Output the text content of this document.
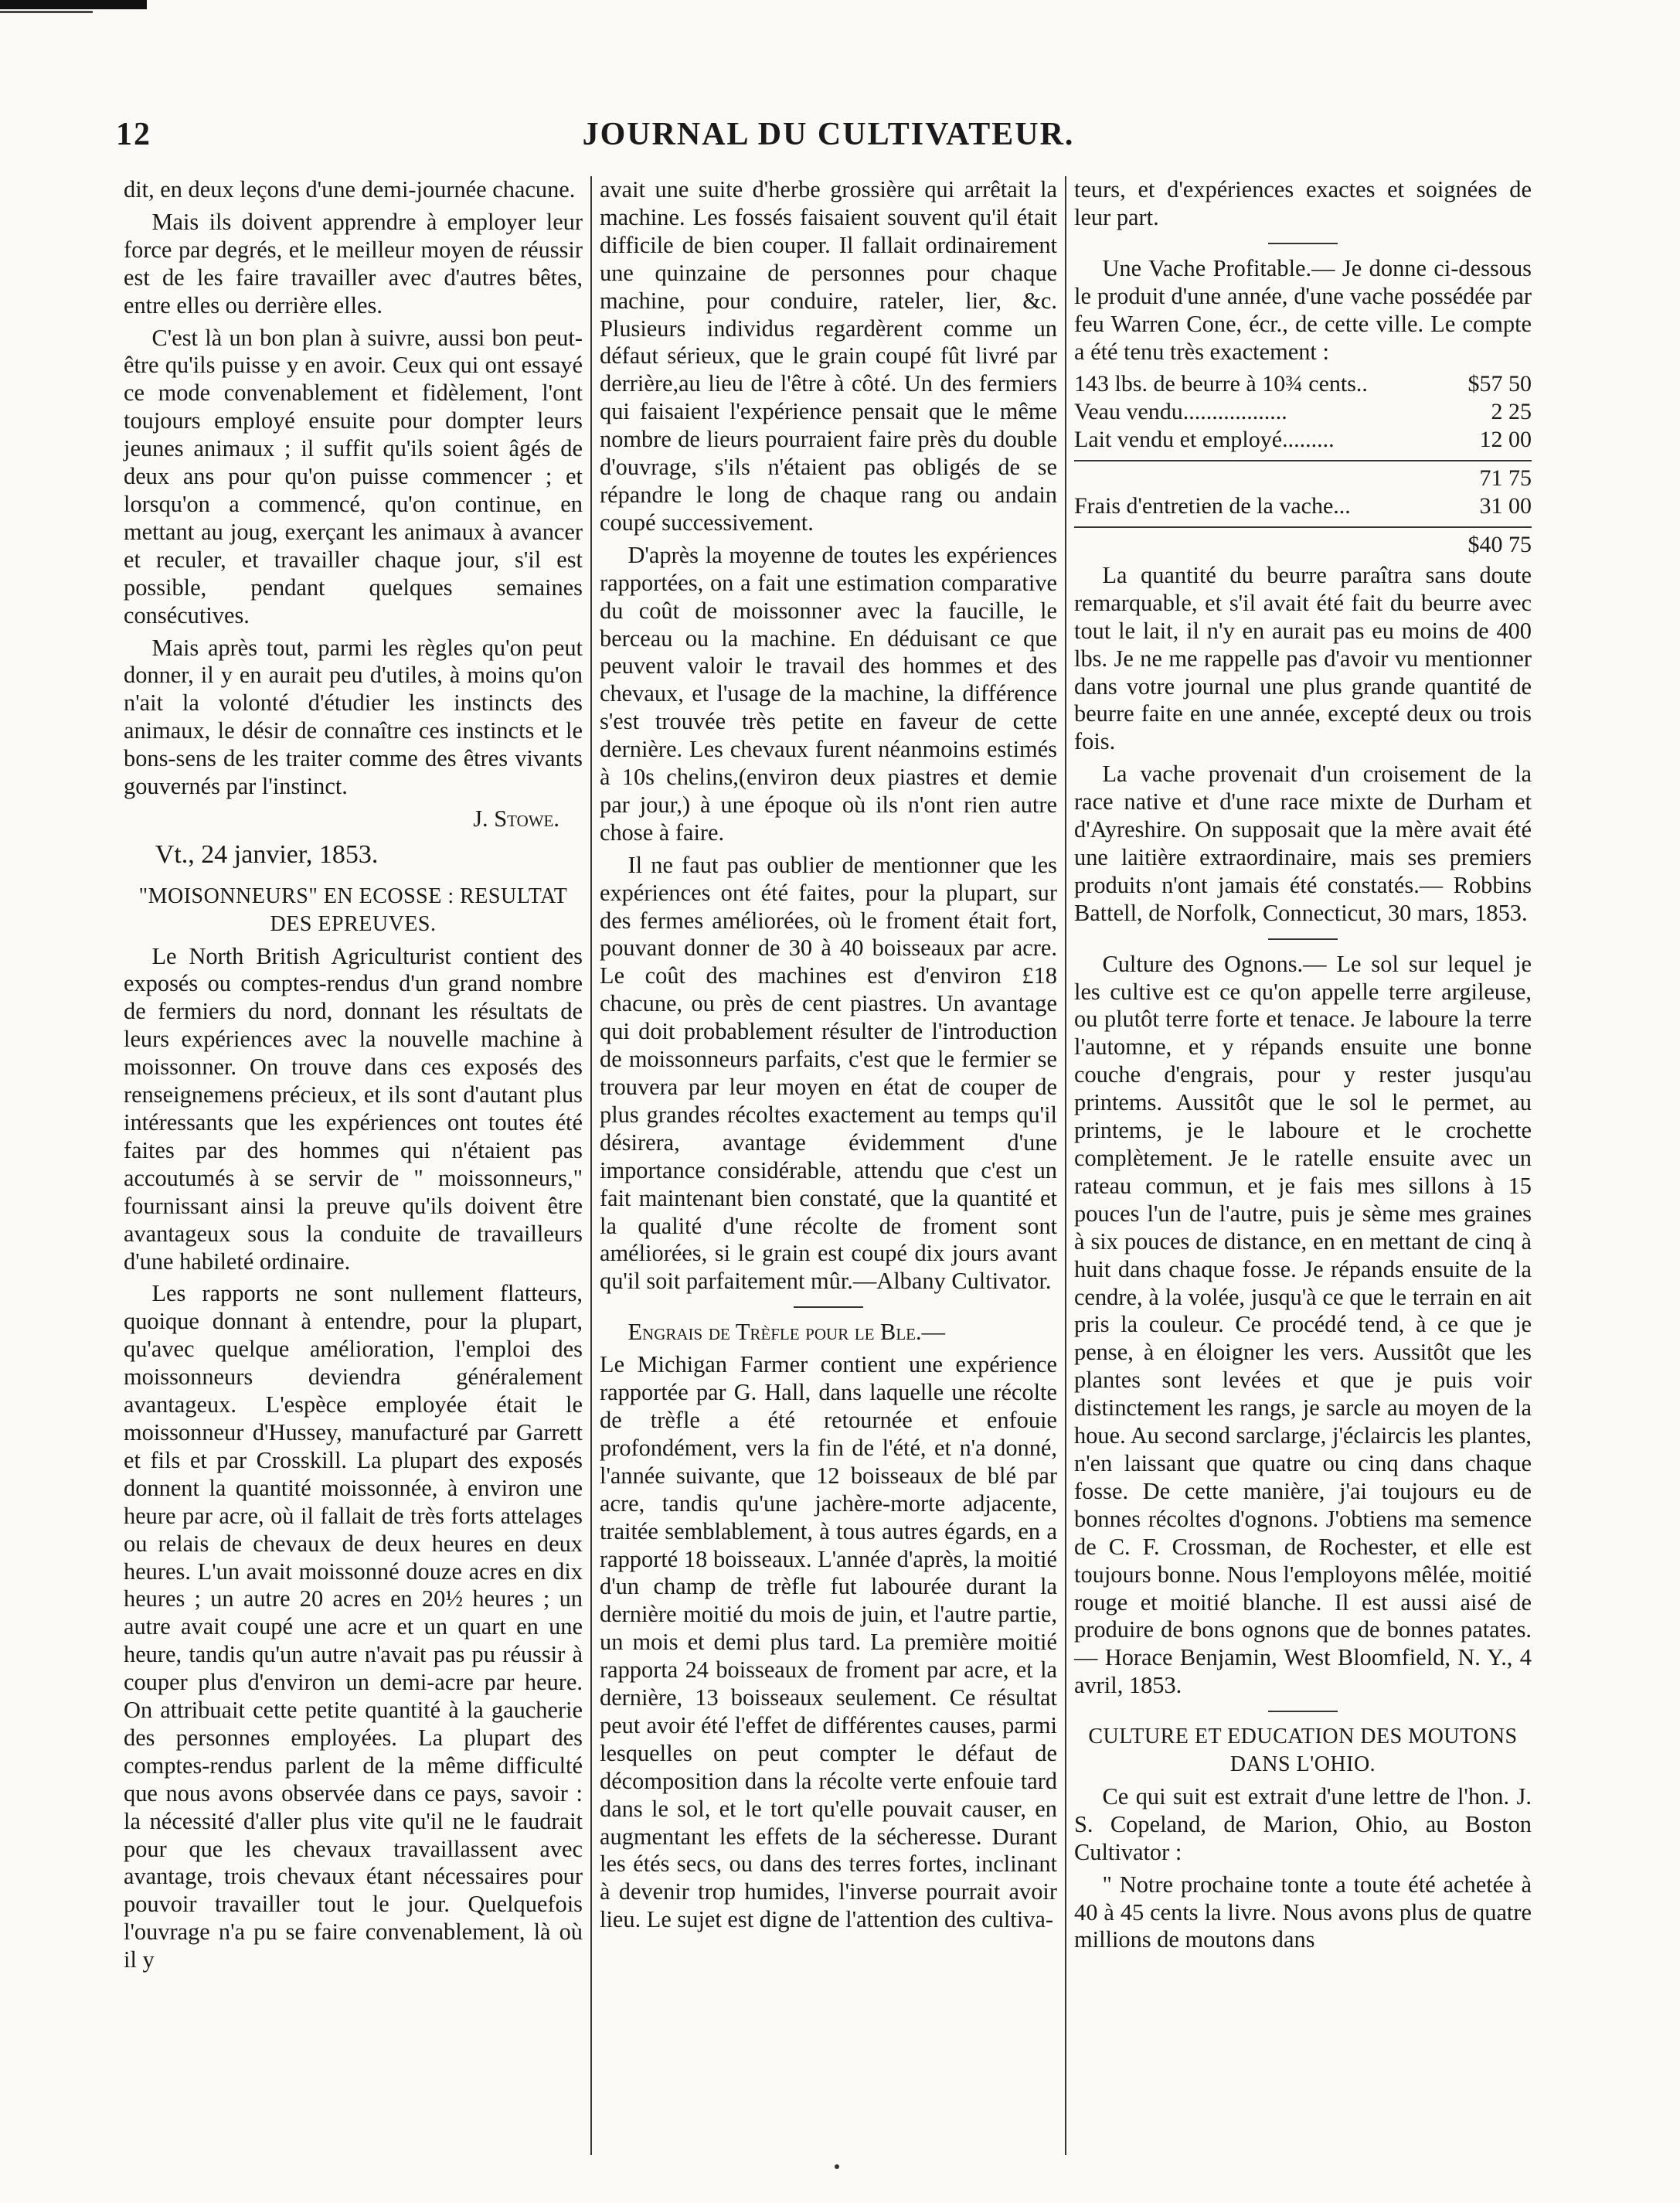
12	JOURNAL DU CULTIVATEUR.

dit, en deux leçons d'une demi-journée chacune.

Mais ils doivent apprendre à employer leur force par degrés, et le meilleur moyen de réussir est de les faire travailler avec d'autres bêtes, entre elles ou derrière elles.

C'est là un bon plan à suivre, aussi bon peut-être qu'ils puisse y en avoir. Ceux qui ont essayé ce mode convenablement et fidèlement, l'ont toujours employé ensuite pour dompter leurs jeunes animaux ; il suffit qu'ils soient âgés de deux ans pour qu'on puisse commencer ; et lorsqu'on a commencé, qu'on continue, en mettant au joug, exerçant les animaux à avancer et reculer, et travailler chaque jour, s'il est possible, pendant quelques semaines consécutives.

Mais après tout, parmi les règles qu'on peut donner, il y en aurait peu d'utiles, à moins qu'on n'ait la volonté d'étudier les instincts des animaux, le désir de connaître ces instincts et le bons-sens de les traiter comme des êtres vivants gouvernés par l'instinct.

J. Stowe.
Vt., 24 janvier, 1853.
"MOISONNEURS" EN ECOSSE : RESULTAT DES EPREUVES.

Le North British Agriculturist contient des exposés ou comptes-rendus d'un grand nombre de fermiers du nord, donnant les résultats de leurs expériences avec la nouvelle machine à moissonner. On trouve dans ces exposés des renseignemens précieux, et ils sont d'autant plus intéressants que les expériences ont toutes été faites par des hommes qui n'étaient pas accoutumés à se servir de " moissonneurs," fournissant ainsi la preuve qu'ils doivent être avantageux sous la conduite de travailleurs d'une habileté ordinaire.

Les rapports ne sont nullement flatteurs, quoique donnant à entendre, pour la plupart, qu'avec quelque amélioration, l'emploi des moissonneurs deviendra généralement avantageux. L'espèce employée était le moissonneur d'Hussey, manufacturé par Garrett et fils et par Crosskill. La plupart des exposés donnent la quantité moissonnée, à environ une heure par acre, où il fallait de très forts attelages ou relais de chevaux de deux heures en deux heures. L'un avait moissonné douze acres en dix heures ; un autre 20 acres en 20½ heures ; un autre avait coupé une acre et un quart en une heure, tandis qu'un autre n'avait pas pu réussir à couper plus d'environ un demi-acre par heure. On attribuait cette petite quantité à la gaucherie des personnes employées. La plupart des comptes-rendus parlent de la même difficulté que nous avons observée dans ce pays, savoir : la nécessité d'aller plus vite qu'il ne le faudrait pour que les chevaux travaillassent avec avantage, trois chevaux étant nécessaires pour pouvoir travailler tout le jour. Quelquefois l'ouvrage n'a pu se faire convenablement, là où il y

avait une suite d'herbe grossière qui arrêtait la machine. Les fossés faisaient souvent qu'il était difficile de bien couper. Il fallait ordinairement une quinzaine de personnes pour chaque machine, pour conduire, rateler, lier, &c. Plusieurs individus regardèrent comme un défaut sérieux, que le grain coupé fût livré par derrière,au lieu de l'être à côté. Un des fermiers qui faisaient l'expérience pensait que le même nombre de lieurs pourraient faire près du double d'ouvrage, s'ils n'étaient pas obligés de se répandre le long de chaque rang ou andain coupé successivement.

D'après la moyenne de toutes les expériences rapportées, on a fait une estimation comparative du coût de moissonner avec la faucille, le berceau ou la machine. En déduisant ce que peuvent valoir le travail des hommes et des chevaux, et l'usage de la machine, la différence s'est trouvée très petite en faveur de cette dernière. Les chevaux furent néanmoins estimés à 10s chelins,(environ deux piastres et demie par jour,) à une époque où ils n'ont rien autre chose à faire.

Il ne faut pas oublier de mentionner que les expériences ont été faites, pour la plupart, sur des fermes améliorées, où le froment était fort, pouvant donner de 30 à 40 boisseaux par acre. Le coût des machines est d'environ £18 chacune, ou près de cent piastres. Un avantage qui doit probablement résulter de l'introduction de moissonneurs parfaits, c'est que le fermier se trouvera par leur moyen en état de couper de plus grandes récoltes exactement au temps qu'il désirera, avantage évidemment d'une importance considérable, attendu que c'est un fait maintenant bien constaté, que la quantité et la qualité d'une récolte de froment sont améliorées, si le grain est coupé dix jours avant qu'il soit parfaitement mûr.—Albany Cultivator.

Engrais de Trèfle pour le Ble.—

Le Michigan Farmer contient une expérience rapportée par G. Hall, dans laquelle une récolte de trèfle a été retournée et enfouie profondément, vers la fin de l'été, et n'a donné, l'année suivante, que 12 boisseaux de blé par acre, tandis qu'une jachère-morte adjacente, traitée semblablement, à tous autres égards, en a rapporté 18 boisseaux. L'année d'après, la moitié d'un champ de trèfle fut labourée durant la dernière moitié du mois de juin, et l'autre partie, un mois et demi plus tard. La première moitié rapporta 24 boisseaux de froment par acre, et la dernière, 13 boisseaux seulement. Ce résultat peut avoir été l'effet de différentes causes, parmi lesquelles on peut compter le défaut de décomposition dans la récolte verte enfouie tard dans le sol, et le tort qu'elle pouvait causer, en augmentant les effets de la sécheresse. Durant les étés secs, ou dans des terres fortes, inclinant à devenir trop humides, l'inverse pourrait avoir lieu. Le sujet est digne de l'attention des cultiva-

teurs, et d'expériences exactes et soignées de leur part.

Une Vache Profitable.— Je donne ci-dessous le produit d'une année, d'une vache possédée par feu Warren Cone, écr., de cette ville. Le compte a été tenu très exactement :

143 lbs. de beurre à 10¾ cents..	$57 50
Veau vendu..................	2 25
Lait vendu et employé.........	12 00
71 75
Frais d'entretien de la vache...	31 00
$40 75

La quantité du beurre paraîtra sans doute remarquable, et s'il avait été fait du beurre avec tout le lait, il n'y en aurait pas eu moins de 400 lbs. Je ne me rappelle pas d'avoir vu mentionner dans votre journal une plus grande quantité de beurre faite en une année, excepté deux ou trois fois.

La vache provenait d'un croisement de la race native et d'une race mixte de Durham et d'Ayreshire. On supposait que la mère avait été une laitière extraordinaire, mais ses premiers produits n'ont jamais été constatés.— Robbins Battell, de Norfolk, Connecticut, 30 mars, 1853.

Culture des Ognons.— Le sol sur lequel je les cultive est ce qu'on appelle terre argileuse, ou plutôt terre forte et tenace. Je laboure la terre l'automne, et y répands ensuite une bonne couche d'engrais, pour y rester jusqu'au printems. Aussitôt que le sol le permet, au printems, je le laboure et le crochette complètement. Je le ratelle ensuite avec un rateau commun, et je fais mes sillons à 15 pouces l'un de l'autre, puis je sème mes graines à six pouces de distance, en en mettant de cinq à huit dans chaque fosse. Je répands ensuite de la cendre, à la volée, jusqu'à ce que le terrain en ait pris la couleur. Ce procédé tend, à ce que je pense, à en éloigner les vers. Aussitôt que les plantes sont levées et que je puis voir distinctement les rangs, je sarcle au moyen de la houe. Au second sarclarge, j'éclaircis les plantes, n'en laissant que quatre ou cinq dans chaque fosse. De cette manière, j'ai toujours eu de bonnes récoltes d'ognons. J'obtiens ma semence de C. F. Crossman, de Rochester, et elle est toujours bonne. Nous l'employons mêlée, moitié rouge et moitié blanche. Il est aussi aisé de produire de bons ognons que de bonnes patates. — Horace Benjamin, West Bloomfield, N. Y., 4 avril, 1853.

CULTURE ET EDUCATION DES MOUTONS DANS L'OHIO.

Ce qui suit est extrait d'une lettre de l'hon. J. S. Copeland, de Marion, Ohio, au Boston Cultivator :

" Notre prochaine tonte a toute été achetée à 40 à 45 cents la livre. Nous avons plus de quatre millions de moutons dans
